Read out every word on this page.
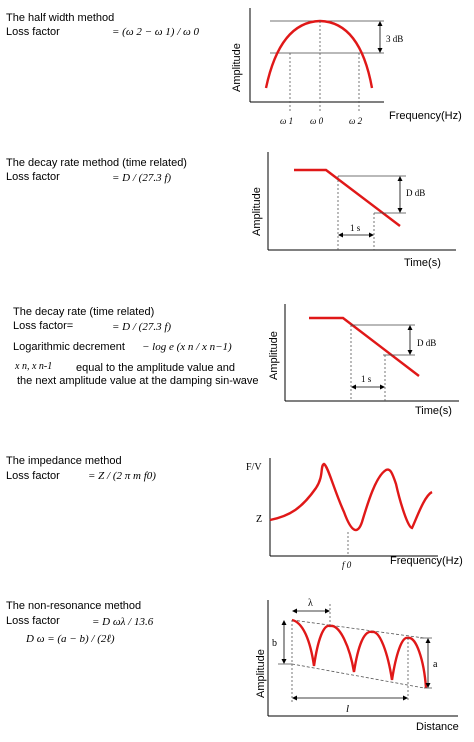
The half width method
Loss factor	= (ω 2 − ω 1) / ω 0
Amplitude
3 dB
Frequency(Hz)
ω 1 ω 0	ω 2
The decay rate method (time related)
Loss factor	= D / (27.3 f)
Amplitude	D dB
1 s
Time(s)
The decay rate (time related)
Loss factor=	= D / (27.3 f)
Logarithmic decrement − log e (x n / x n−1)
x n, x n-1 equal to the amplitude value and
the next amplitude value at the damping sin-wave
Amplitude	D dB
1 s
Time(s)
The impedance method
Loss factor	= Z / (2 π m f0)
F/V
Z
f 0	Frequency(Hz)
The non-resonance method
Loss factor	= D ωλ / 13.6
D ω = (a − b) / (2ℓ)
Amplitude
λ
b
a
l
Distance
